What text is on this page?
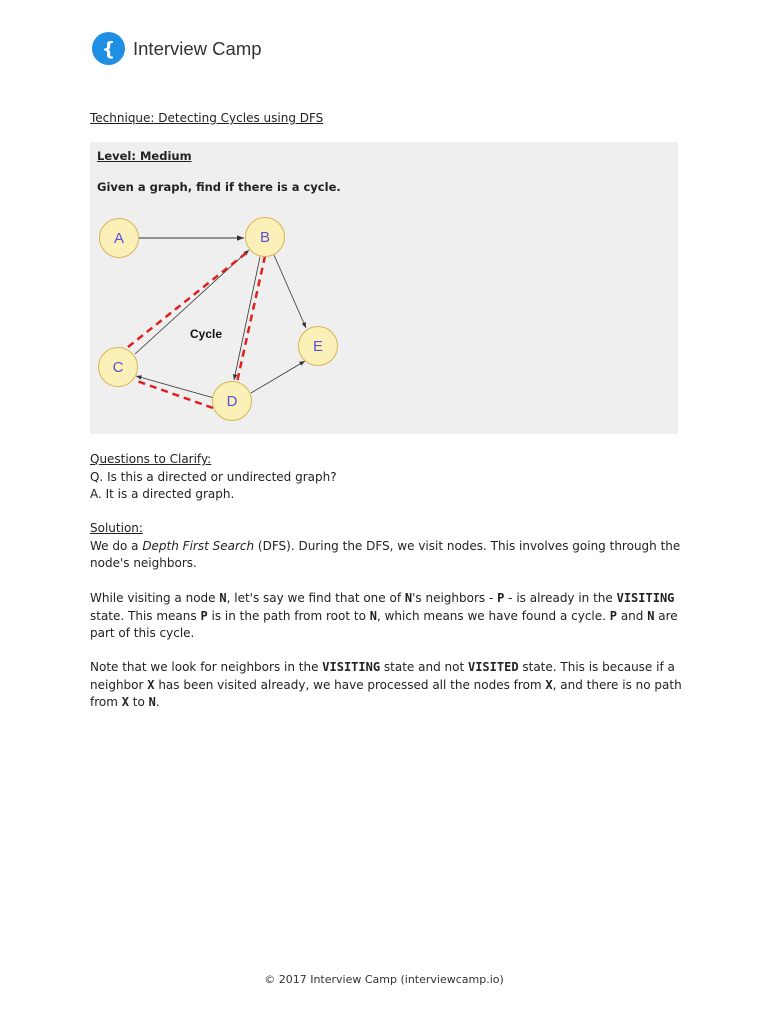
{ Interview Camp
Technique: Detecting Cycles using DFS
A	B
C
D
E
Cycle
Level: Medium
Given a graph, find if there is a cycle.

Questions to Clarify:

Q. Is this a directed or undirected graph?

A. It is a directed graph.

Solution:

We do a Depth First Search (DFS). During the DFS, we visit nodes. This involves going through the node's neighbors.

While visiting a node N, let's say we find that one of N's neighbors - P - is already in the VISITING state. This means P is in the path from root to N, which means we have found a cycle. P and N are part of this cycle.

Note that we look for neighbors in the VISITING state and not VISITED state. This is because if a neighbor X has been visited already, we have processed all the nodes from X, and there is no path from X to N.

© 2017 Interview Camp (interviewcamp.io)
